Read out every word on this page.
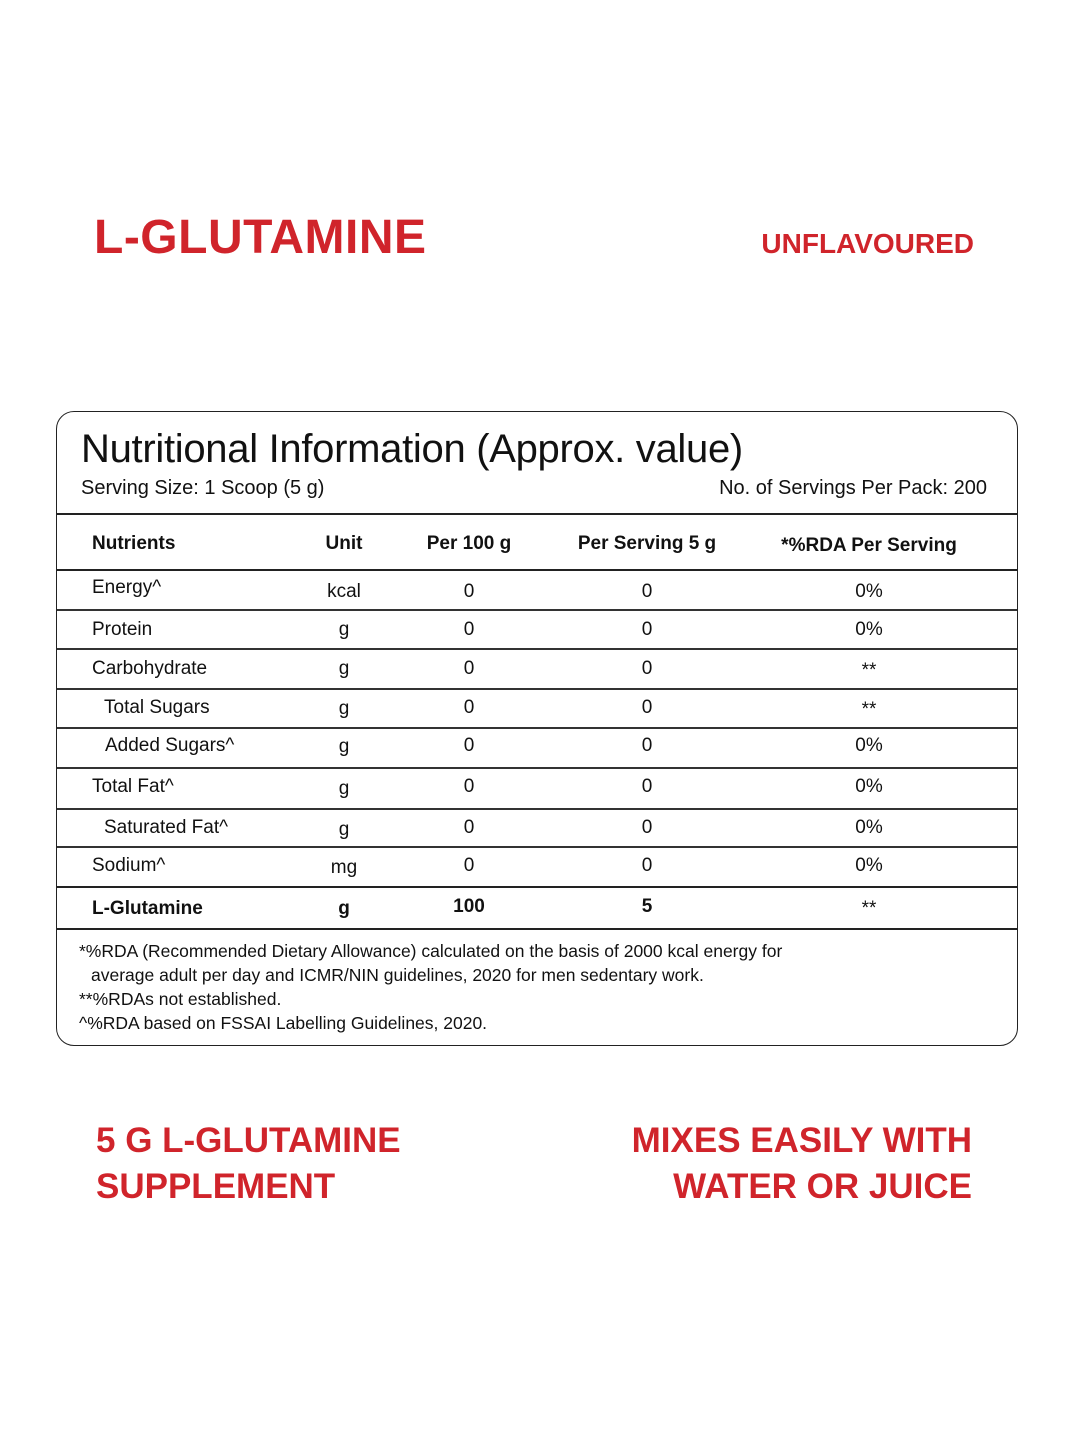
L-GLUTAMINE	UNFLAVOURED
Nutritional Information (Approx. value)
Serving Size: 1 Scoop (5 g)	No. of Servings Per Pack: 200
Nutrients	Unit	Per 100 g	Per Serving 5 g	*%RDA Per Serving
Energy^	kcal	0	0	0%
Protein	g	0	0	0%
Carbohydrate	g	0	0	**
Total Sugars	g	0	0	**
Added Sugars^	g	0	0	0%
Total Fat^	g	0	0	0%
Saturated Fat^	g	0	0	0%
Sodium^	mg	0	0	0%
L-Glutamine	g	100	5	**
*%RDA (Recommended Dietary Allowance) calculated on the basis of 2000 kcal energy for
average adult per day and ICMR/NIN guidelines, 2020 for men sedentary work.
**%RDAs not established.
^%RDA based on FSSAI Labelling Guidelines, 2020.
5 G L-GLUTAMINE
SUPPLEMENT
MIXES EASILY WITH
WATER OR JUICE
